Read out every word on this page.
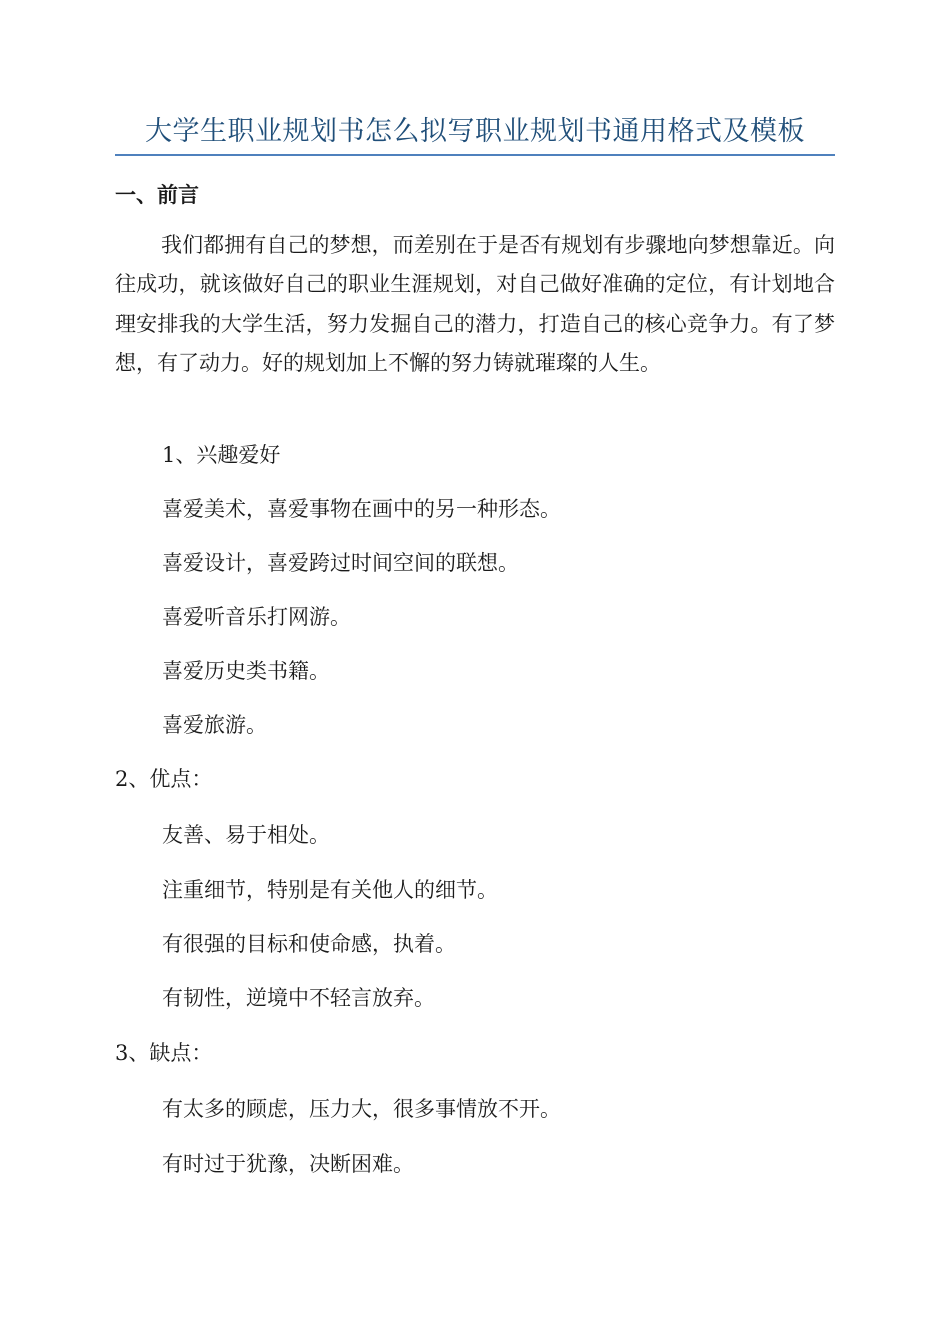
大学生职业规划书怎么拟写职业规划书通用格式及模板
一、前言
我们都拥有自己的梦想，而差别在于是否有规划有步骤地向梦想靠近。向往成功，就该做好自己的职业生涯规划，对自己做好准确的定位，有计划地合理安排我的大学生活，努力发掘自己的潜力，打造自己的核心竞争力。有了梦想，有了动力。好的规划加上不懈的努力铸就璀璨的人生。
1、兴趣爱好
喜爱美术，喜爱事物在画中的另一种形态。
喜爱设计，喜爱跨过时间空间的联想。
喜爱听音乐打网游。
喜爱历史类书籍。
喜爱旅游。
2、优点：
友善、易于相处。
注重细节，特别是有关他人的细节。
有很强的目标和使命感，执着。
有韧性，逆境中不轻言放弃。
3、缺点：
有太多的顾虑，压力大，很多事情放不开。
有时过于犹豫，决断困难。
